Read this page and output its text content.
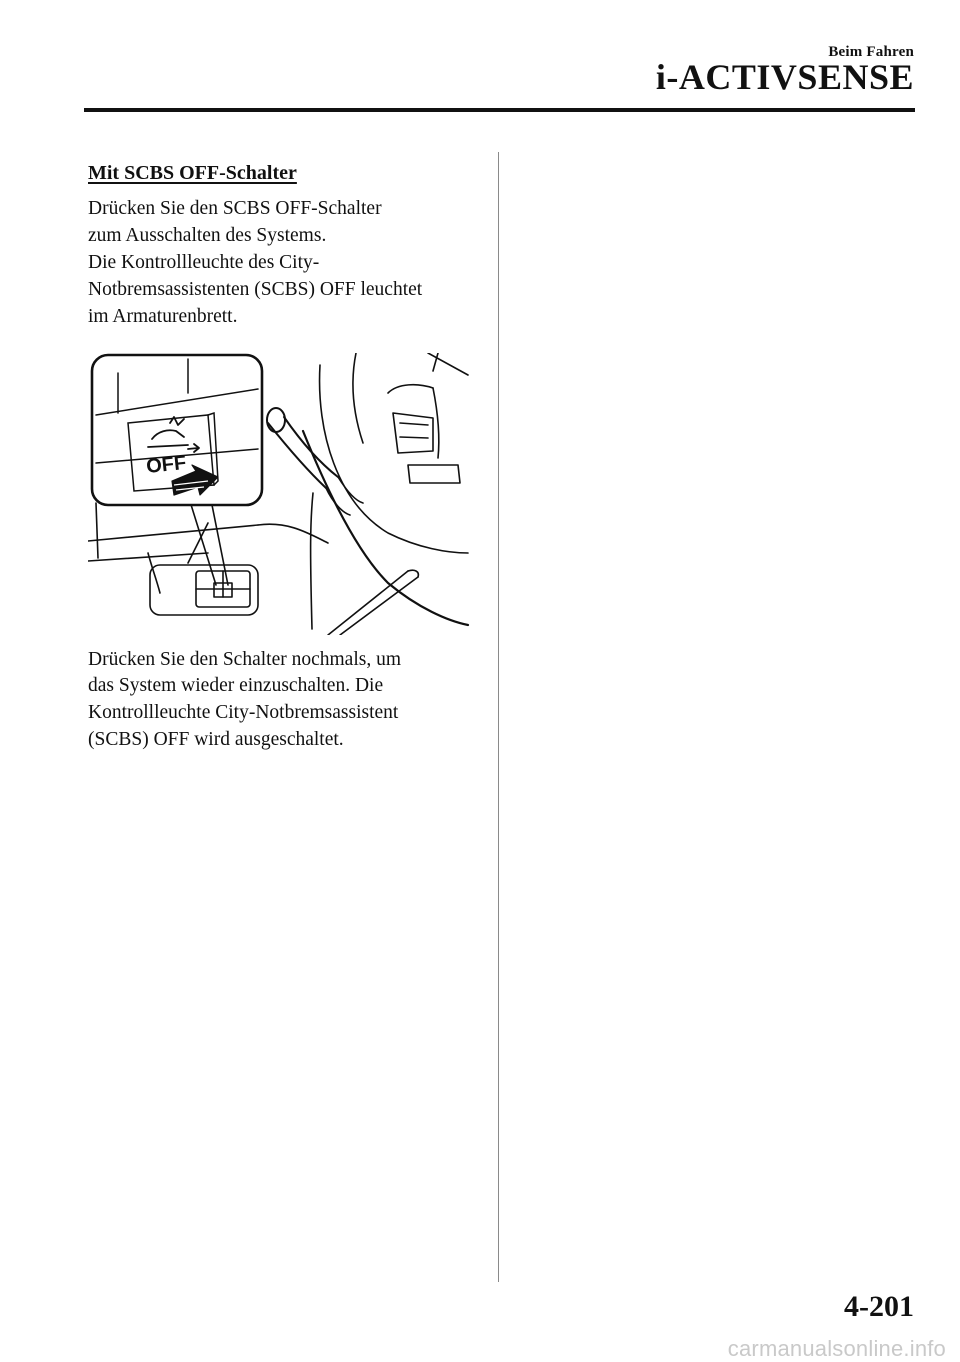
Beim Fahren
i-ACTIVSENSE
Mit SCBS OFF-Schalter

Drücken Sie den SCBS OFF-Schalter
zum Ausschalten des Systems.
Die Kontrollleuchte des City-
Notbremsassistenten (SCBS) OFF leuchtet
im Armaturenbrett.

OFF

Drücken Sie den Schalter nochmals, um
das System wieder einzuschalten. Die
Kontrollleuchte City-Notbremsassistent
(SCBS) OFF wird ausgeschaltet.

4-201
carmanualsonline.info
